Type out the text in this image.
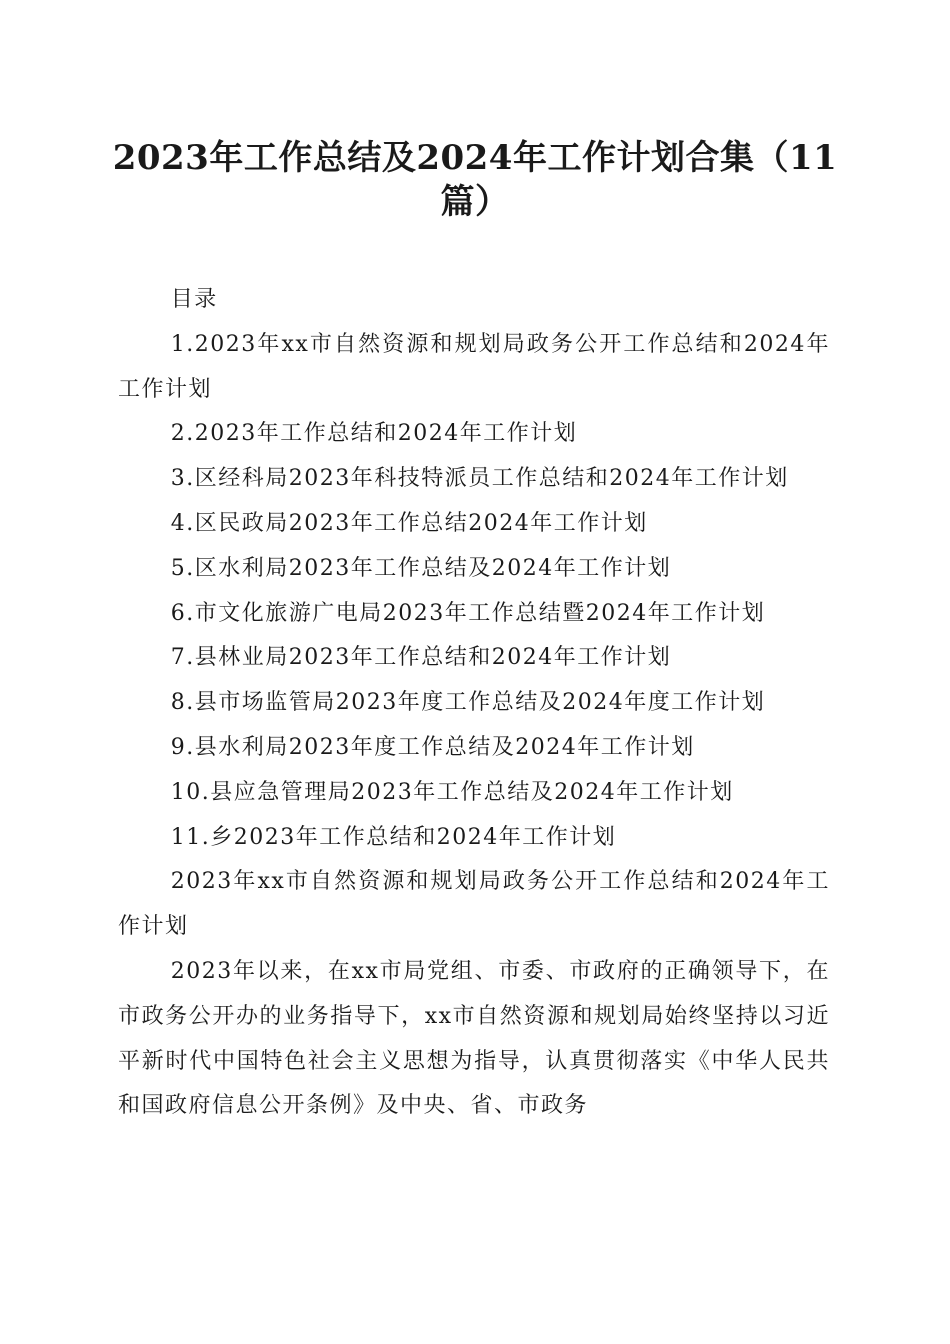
2023年工作总结及2024年工作计划合集（11篇）

目录

1.2023年xx市自然资源和规划局政务公开工作总结和2024年工作计划

2.2023年工作总结和2024年工作计划

3.区经科局2023年科技特派员工作总结和2024年工作计划

4.区民政局2023年工作总结2024年工作计划

5.区水利局2023年工作总结及2024年工作计划

6.市文化旅游广电局2023年工作总结暨2024年工作计划

7.县林业局2023年工作总结和2024年工作计划

8.县市场监管局2023年度工作总结及2024年度工作计划

9.县水利局2023年度工作总结及2024年工作计划

10.县应急管理局2023年工作总结及2024年工作计划

11.乡2023年工作总结和2024年工作计划

2023年xx市自然资源和规划局政务公开工作总结和2024年工作计划

2023年以来，在xx市局党组、市委、市政府的正确领导下，在市政务公开办的业务指导下，xx市自然资源和规划局始终坚持以习近平新时代中国特色社会主义思想为指导，认真贯彻落实《中华人民共和国政府信息公开条例》及中央、省、市政务
